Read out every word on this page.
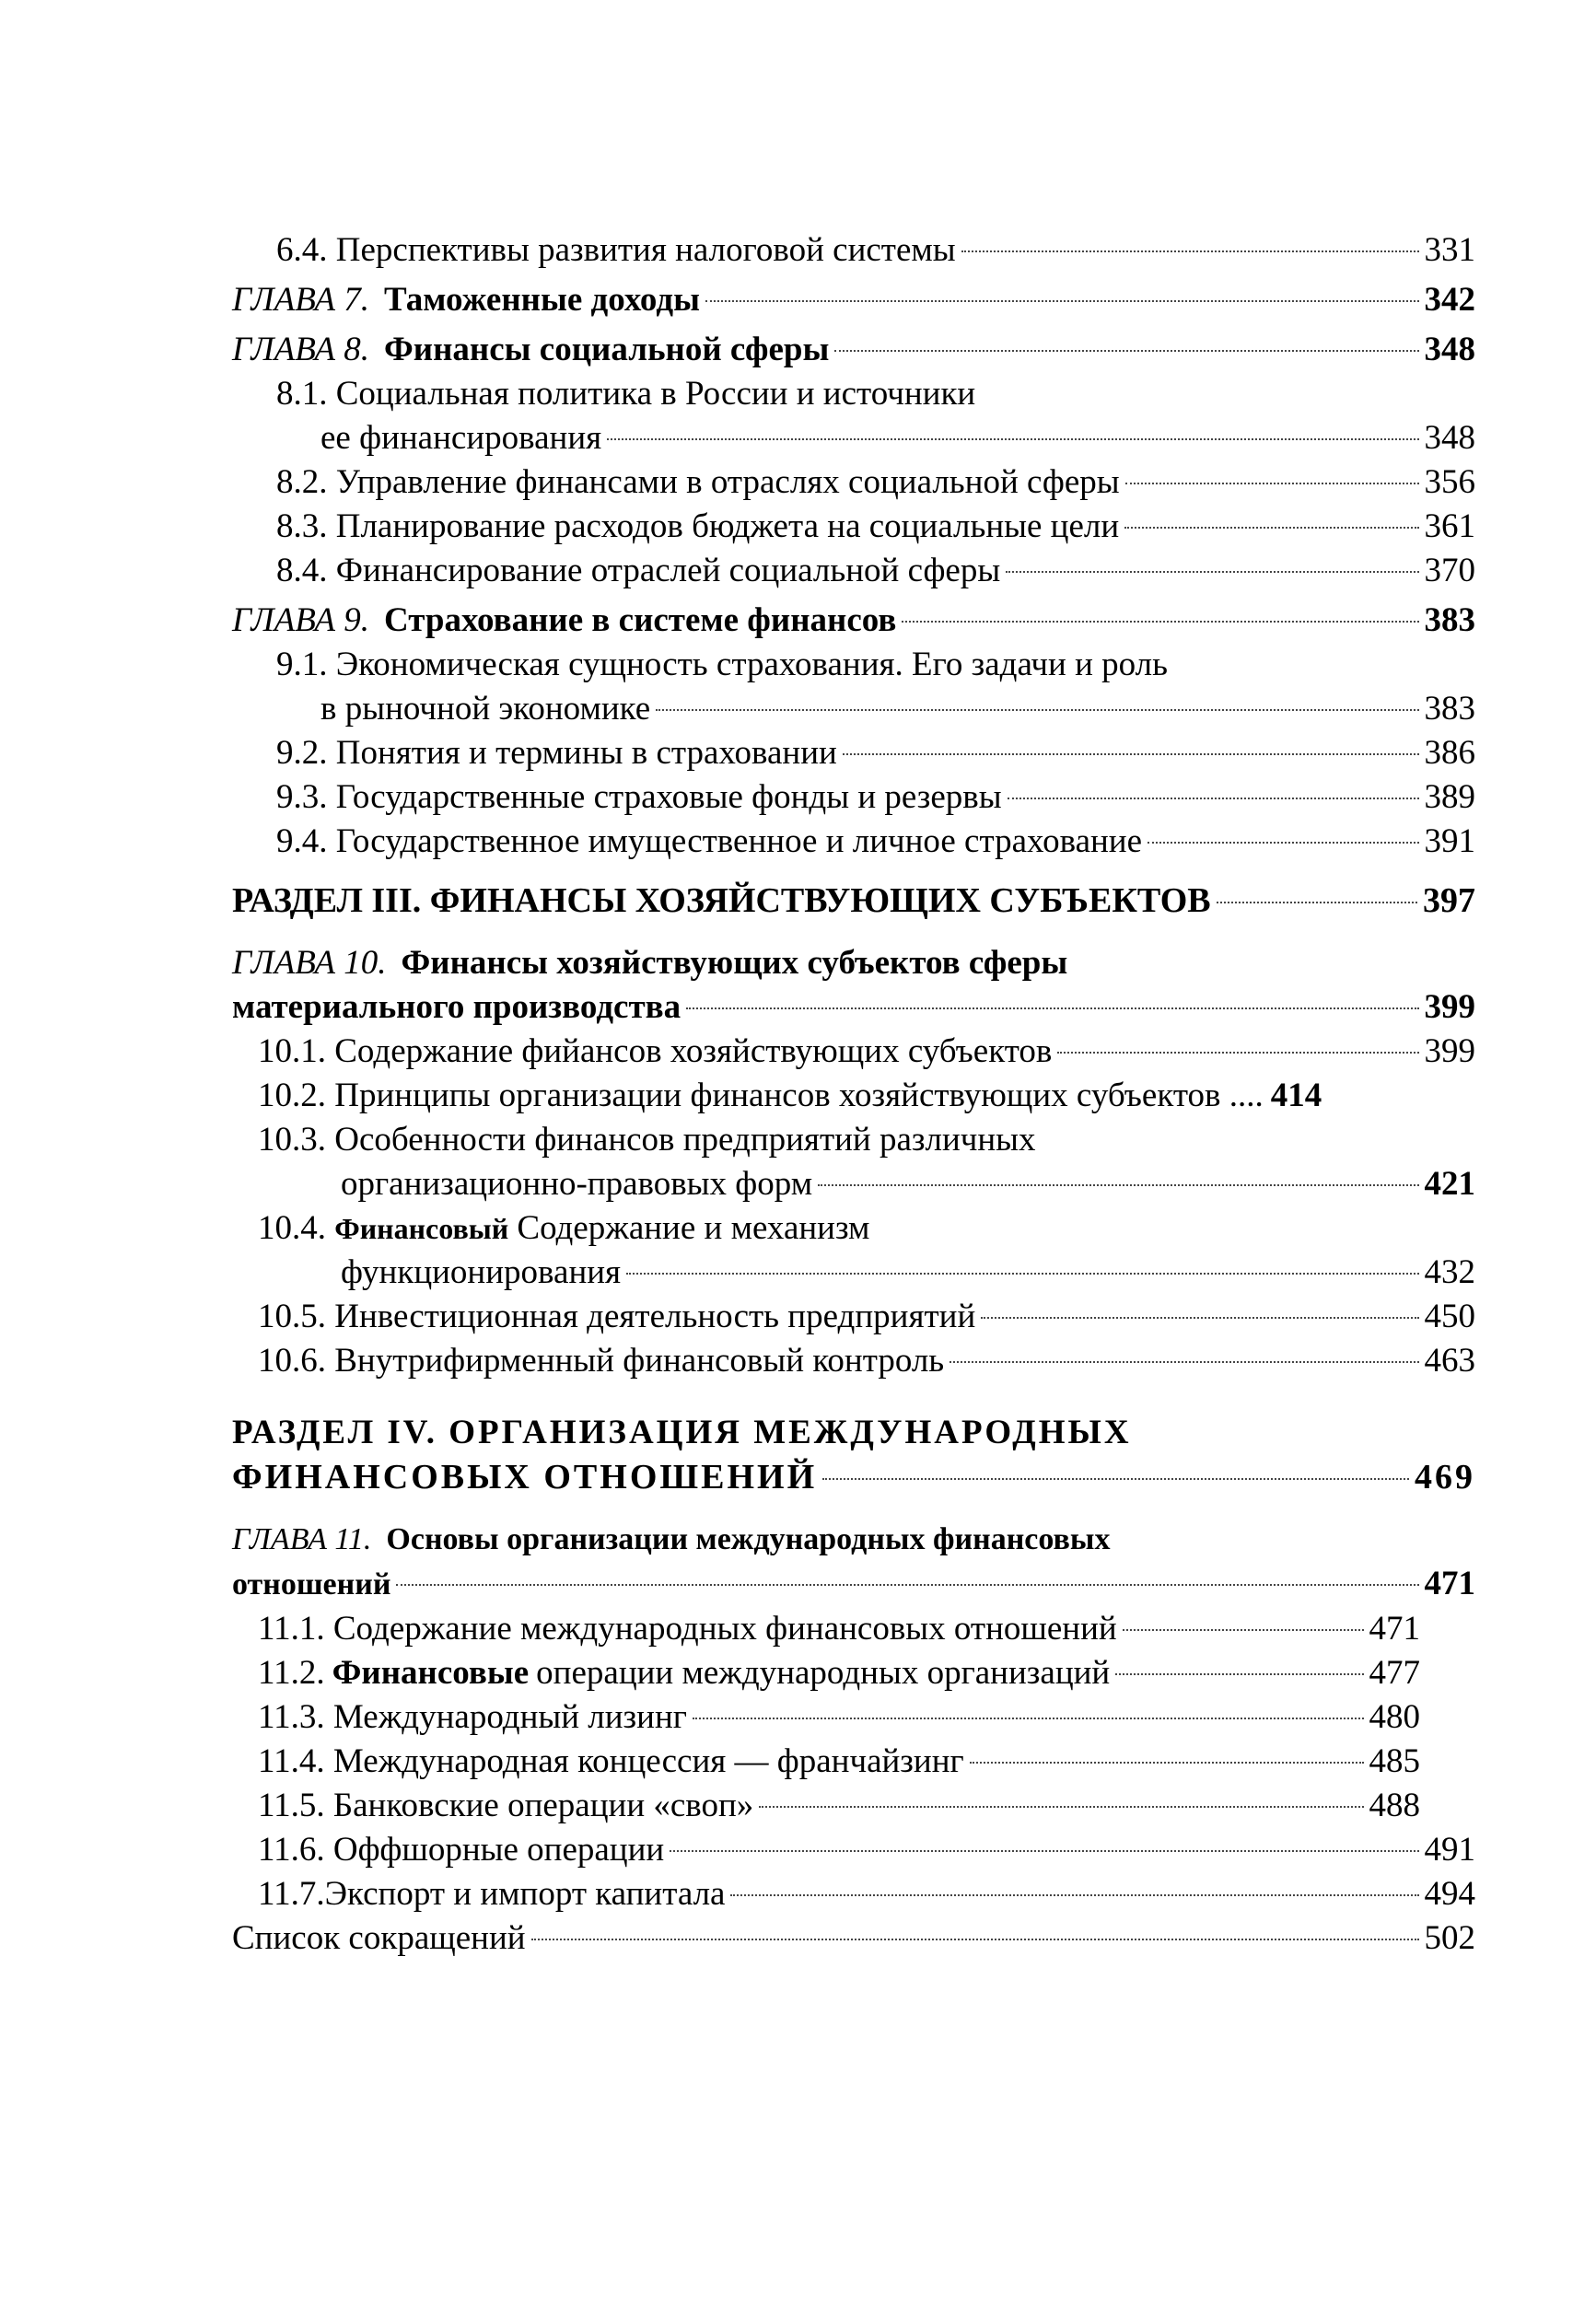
6.4. Перспективы развития налоговой системы	331
ГЛАВА 7. Таможенные доходы	342
ГЛАВА 8. Финансы социальной сферы	348
8.1. Социальная политика в России и источники
ее финансирования	348
8.2. Управление финансами в отраслях социальной сферы	356
8.3. Планирование расходов бюджета на социальные цели	361
8.4. Финансирование отраслей социальной сферы	370
ГЛАВА 9. Страхование в системе финансов	383
9.1. Экономическая сущность страхования. Его задачи и роль
в рыночной экономике	383
9.2. Понятия и термины в страховании	386
9.3. Государственные страховые фонды и резервы	389
9.4. Государственное имущественное и личное страхование	391
РАЗДЕЛ III. ФИНАНСЫ ХОЗЯЙСТВУЮЩИХ СУБЪЕКТОВ	397
ГЛАВА 10. Финансы хозяйствующих субъектов сферы
материального производства	399
10.1. Содержание фийансов хозяйствующих субъектов	399
10.2. Принципы организации финансов хозяйствующих субъектов .... 414
10.3. Особенности финансов предприятий различных
организационно-правовых форм	421
10.4. Финансовый Содержание и механизм
функционирования	432
10.5. Инвестиционная деятельность предприятий	450
10.6. Внутрифирменный финансовый контроль	463
РАЗДЕЛ IV. ОРГАНИЗАЦИЯ МЕЖДУНАРОДНЫХ
ФИНАНСОВЫХ ОТНОШЕНИЙ	469
ГЛАВА 11. Основы организации международных финансовых
отношений	471
11.1. Содержание международных финансовых отношений	471
11.2. Финансовые операции международных организаций	477
11.3. Международный лизинг	480
11.4. Международная концессия — франчайзинг	485
11.5. Банковские операции «своп»	488
11.6. Оффшорные операции	491
11.7.Экспорт и импорт капитала	494
Список сокращений	502
